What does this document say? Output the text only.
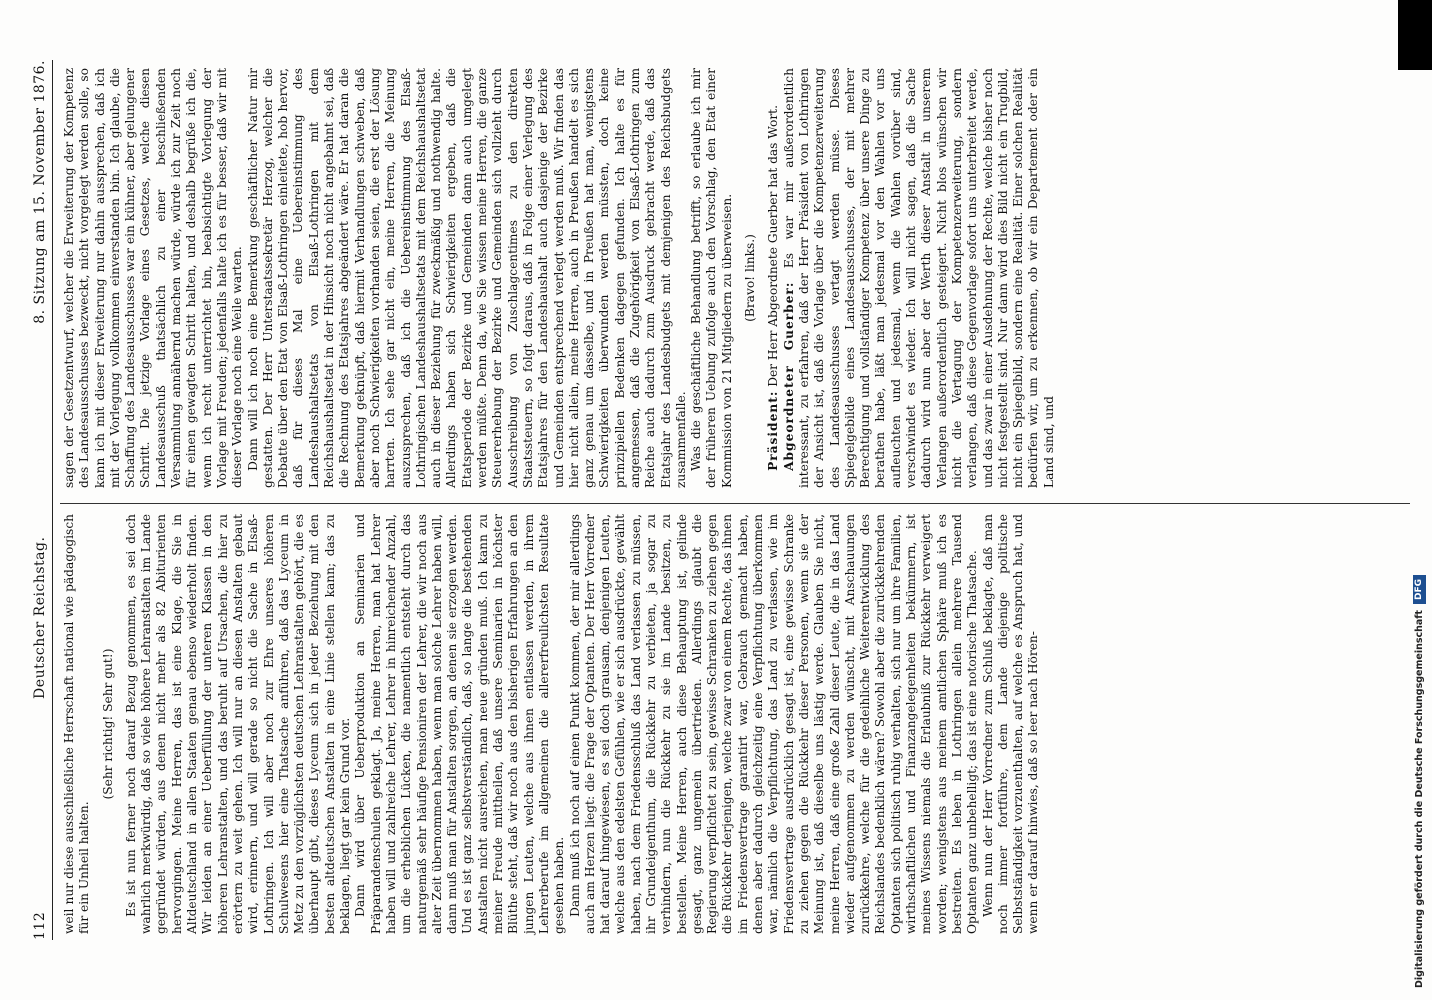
112
Deutscher Reichstag.
8. Sitzung am 15. November 1876.

weil nur diese ausschließliche Herrschaft national wie pädagogisch für ein Unheil halten.

(Sehr richtig! Sehr gut!) Es ist nun ferner noch darauf Bezug genommen, es sei doch wahrlich merkwürdig, daß so viele höhere Lehranstalten im Lande gegründet würden, aus denen nicht mehr als 82 Abiturienten hervorgingen. Meine Herren, das ist eine Klage, die Sie in Altdeutschland in allen Staaten genau ebenso wiederholt finden. Wir leiden an einer Ueberfüllung der unteren Klassen in den höheren Lehranstalten, und das beruht auf Ursachen, die hier zu erörtern zu weit gehen. Ich will nur an diesen Anstalten gebaut wird, erinnern, und will gerade so nicht die Sache in Elsaß-Lothringen. Ich will aber noch zur Ehre unseres höheren Schulwesens hier eine Thatsache anführen, daß das Lyceum in Metz zu den vorzüglichsten deutschen Lehranstalten gehört, die es überhaupt gibt, dieses Lyceum sich in jeder Beziehung mit den besten altdeutschen Anstalten in eine Linie stellen kann; das zu beklagen, liegt gar kein Grund vor. Dann wird über Ueberproduktion an Seminarien und Präparandenschulen geklagt. Ja, meine Herren, man hat Lehrer haben will und zahlreiche Lehrer, Lehrer in hinreichender Anzahl, um die erheblichen Lücken, die namentlich entsteht durch das naturgemäß sehr häufige Pensioniren der Lehrer, die wir noch aus alter Zeit übernommen haben, wenn man solche Lehrer haben will, dann muß man für Anstalten sorgen, an denen sie erzogen werden. Und es ist ganz selbstverständlich, daß, so lange die bestehenden Anstalten nicht ausreichen, man neue gründen muß. Ich kann zu meiner Freude mittheilen, daß unsere Seminarien in höchster Blüthe steht, daß wir noch aus den bisherigen Erfahrungen an den jungen Leuten, welche aus ihnen entlassen werden, in ihrem Lehrerberufe im allgemeinen die allererfreulichsten Resultate gesehen haben. Dann muß ich noch auf einen Punkt kommen, der mir allerdings auch am Herzen liegt: die Frage der Optanten. Der Herr Vorredner hat darauf hingewiesen, es sei doch grausam, denjenigen Leuten, welche aus den edelsten Gefühlen, wie er sich ausdrückte, gewählt haben, nach dem Friedensschluß das Land verlassen zu müssen, ihr Grundeigenthum, die Rückkehr zu verbieten, ja sogar zu verhindern, nun die Rückkehr zu sie im Lande besitzen, zu bestellen. Meine Herren, auch diese Behauptung ist, gelinde gesagt, ganz ungemein übertrieden. Allerdings glaubt die Regierung verpflichtet zu sein, gewisse Schranken zu ziehen gegen die Rückkehr derjenigen, welche zwar von einem Rechte, das ihnen im Friedensvertrage garantirt war, Gebrauch gemacht haben, denen aber dadurch gleichzeitig eine Verpflichtung überkommen war, nämlich die Verpflichtung, das Land zu verlassen, wie im Friedensvertrage ausdrücklich gesagt ist, eine gewisse Schranke zu ziehen gegen die Rückkehr dieser Personen, wenn sie der Meinung ist, daß dieselbe uns lästig werde. Glauben Sie nicht, meine Herren, daß eine große Zahl dieser Leute, die in das Land wieder aufgenommen zu werden wünscht, mit Anschauungen zurückkehre, welche für die gedeihliche Weiterentwicklung des Reichslandes bedenklich wären? Sowohl aber die zurückkehrenden Optanten sich politisch ruhig verhalten, sich nur um ihre Familien, wirthschaftlichen und Finanzangelegenheiten bekümmern, ist meines Wissens niemals die Erlaubniß zur Rückkehr verweigert worden; wenigstens aus meinem amtlichen Sphäre muß ich es bestreiten. Es leben in Lothringen allein mehrere Tausend Optanten ganz unbehelligt; das ist eine notorische Thatsache. Wenn nun der Herr Vorredner zum Schluß beklagte, daß man noch immer fortführe, dem Lande diejenige politische Selbstständigkeit vorzuenthalten, auf welche es Anspruch hat, und wenn er darauf hinwies, daß so leer nach Hören-

sagen der Gesetzentwurf, welcher die Erweiterung der Kompetenz des Landesausschusses bezweckt, nicht vorgelegt werden solle, so kann ich mit dieser Erweiterung nur dahin aussprechen, daß ich mit der Vorlegung vollkommen einverstanden bin. Ich glaube, die Schaffung des Landesausschusses war ein kühner, aber gelungener Schritt. Die jetzige Vorlage eines Gesetzes, welche diesen Landesausschuß thatsächlich zu einer beschließenden Versammlung annähernd machen würde, würde ich zur Zeit noch für einen gewagten Schritt halten, und deshalb begrüße ich die, wenn ich recht unterrichtet bin, beabsichtigte Vorlegung der Vorlage mit Freuden; jedenfalls halte ich es für besser, daß wir mit dieser Vorlage noch eine Weile warten. Dann will ich noch eine Bemerkung geschäftlicher Natur mir gestatten. Der Herr Unterstaatssekretär Herzog, welcher die Debatte über den Etat von Elsaß-Lothringen einleitete, hob hervor, daß für dieses Mal eine Uebereinstimmung des Landeshaushaltsetats von Elsaß-Lothringen mit dem Reichshaushaltsetat in der Hinsicht noch nicht angebahnt sei, daß die Rechnung des Etatsjahres abgeändert wäre. Er hat daran die Bemerkung geknüpft, daß hiermit Verhandlungen schweben, daß aber noch Schwierigkeiten vorhanden seien, die erst der Lösung harrten. Ich sehe gar nicht ein, meine Herren, die Meinung auszusprechen, daß ich die Uebereinstimmung des Elsaß-Lothringischen Landeshaushaltsetats mit dem Reichshaushaltsetat auch in dieser Beziehung für zweckmäßig und nothwendig halte. Allerdings haben sich Schwierigkeiten ergeben, daß die Etatsperiode der Bezirke und Gemeinden dann auch umgelegt werden müßte. Denn da, wie Sie wissen meine Herren, die ganze Steuererhebung der Bezirke und Gemeinden sich vollzieht durch Ausschreibung von Zuschlagcentimes zu den direkten Staatssteuern, so folgt daraus, daß in Folge einer Verlegung des Etatsjahres für den Landeshaushalt auch dasjenige der Bezirke und Gemeinden entsprechend verlegt werden muß. Wir finden das hier nicht allein, meine Herren, auch in Preußen handelt es sich ganz genau um dasselbe, und in Preußen hat man, wenigstens Schwierigkeiten überwunden werden müssten, doch keine prinzipiellen Bedenken dagegen gefunden. Ich halte es für angemessen, daß die Zugehörigkeit von Elsaß-Lothringen zum Reiche auch dadurch zum Ausdruck gebracht werde, daß das Etatsjahr des Landesbudgets mit demjenigen des Reichsbudgets zusammenfalle. Was die geschäftliche Behandlung betrifft, so erlaube ich mir der früheren Uebung zufolge auch den Vorschlag, den Etat einer Kommission von 21 Mitgliedern zu überweisen. (Bravo! links.)

Präsident: Der Herr Abgeordnete Guerber hat das Wort. Abgeordneter Guerber: Es war mir außerordentlich interessant, zu erfahren, daß der Herr Präsident von Lothringen der Ansicht ist, daß die Vorlage über die Kompetenzerweiterung des Landesausschusses vertagt werden müsse. Dieses Spiegelgebilde eines Landesausschusses, der mit mehrer Berechtigung und vollständiger Kompetenz über unsere Dinge zu berathen habe, läßt man jedesmal vor den Wahlen vor uns aufleuchten und jedesmal, wenn die Wahlen vorüber sind, verschwindet es wieder. Ich will nicht sagen, daß die Sache dadurch wird nun aber der Werth dieser Anstalt in unserem Verlangen außerordentlich gesteigert. Nicht blos wünschen wir nicht die Vertagung der Kompetenzerweiterung, sondern verlangen, daß diese Gegenvorlage sofort uns unterbreitet werde, und das zwar in einer Ausdehnung der Rechte, welche bisher noch nicht festgestellt sind. Nur dann wird dies Bild nicht ein Trugbild, nicht ein Spiegelbild, sondern eine Realität. Einer solchen Realität bedürfen wir, um zu erkennen, ob wir ein Departement oder ein Land sind, und

Digitalisierung gefördert durch die Deutsche Forschungsgemeinschaft
DFG
